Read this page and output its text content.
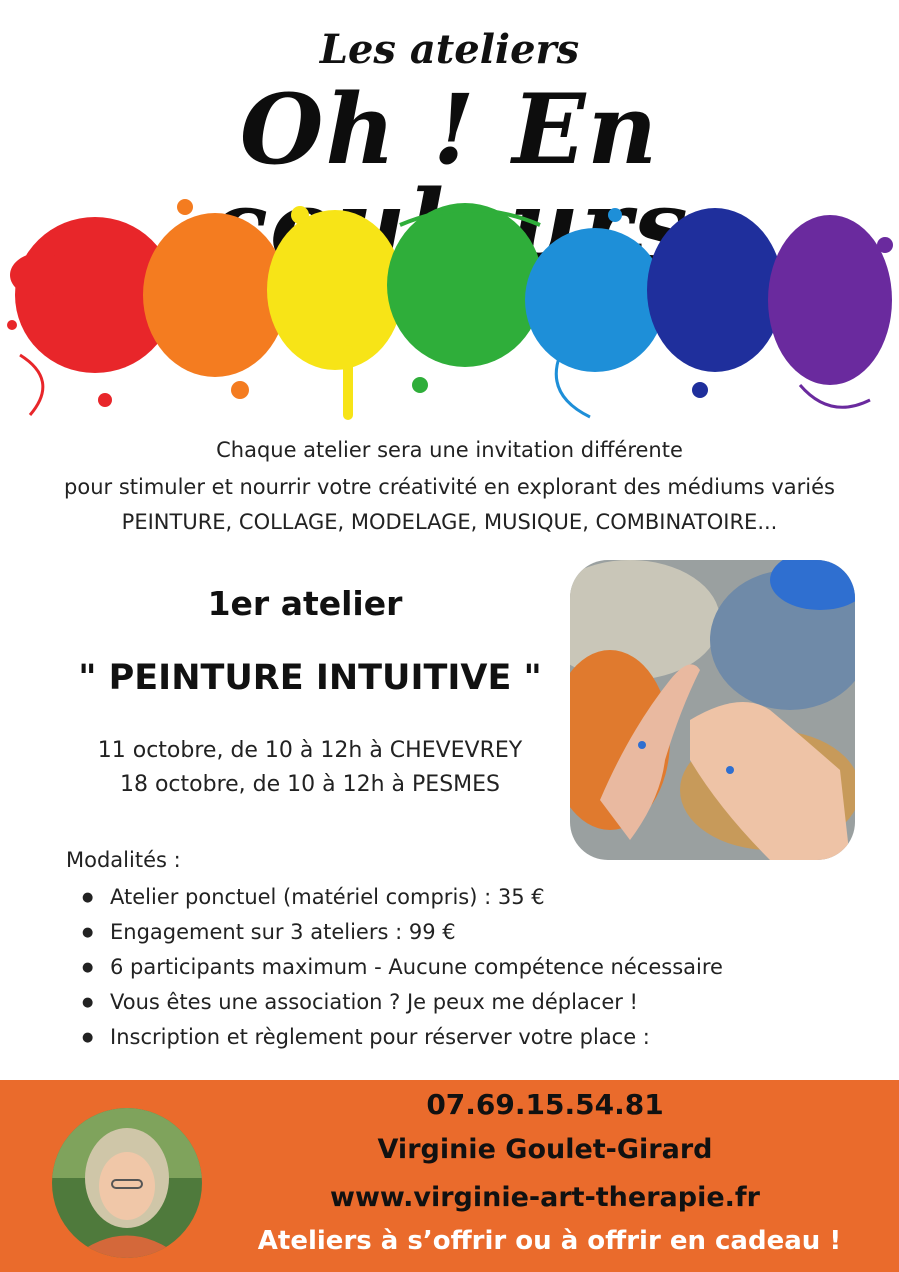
Les ateliers
Oh ! En
Chaque atelier sera une invitation différente
pour stimuler et nourrir votre créativité en explorant des médiums variés
PEINTURE, COLLAGE, MODELAGE, MUSIQUE, COMBINATOIRE...
1er atelier
" PEINTURE INTUITIVE "
11 octobre, de 10 à 12h à CHEVEVREY
18 octobre, de 10 à 12h à PESMES
Modalités :
● Atelier ponctuel (matériel compris) : 35 €
● Engagement sur 3 ateliers : 99 €
● 6 participants maximum - Aucune compétence nécessaire
● Vous êtes une association ? Je peux me déplacer !
● Inscription et règlement pour réserver votre place :
07.69.15.54.81
Virginie Goulet-Girard
www.virginie-art-therapie.fr
Ateliers à s’offrir ou à offrir en cadeau !
